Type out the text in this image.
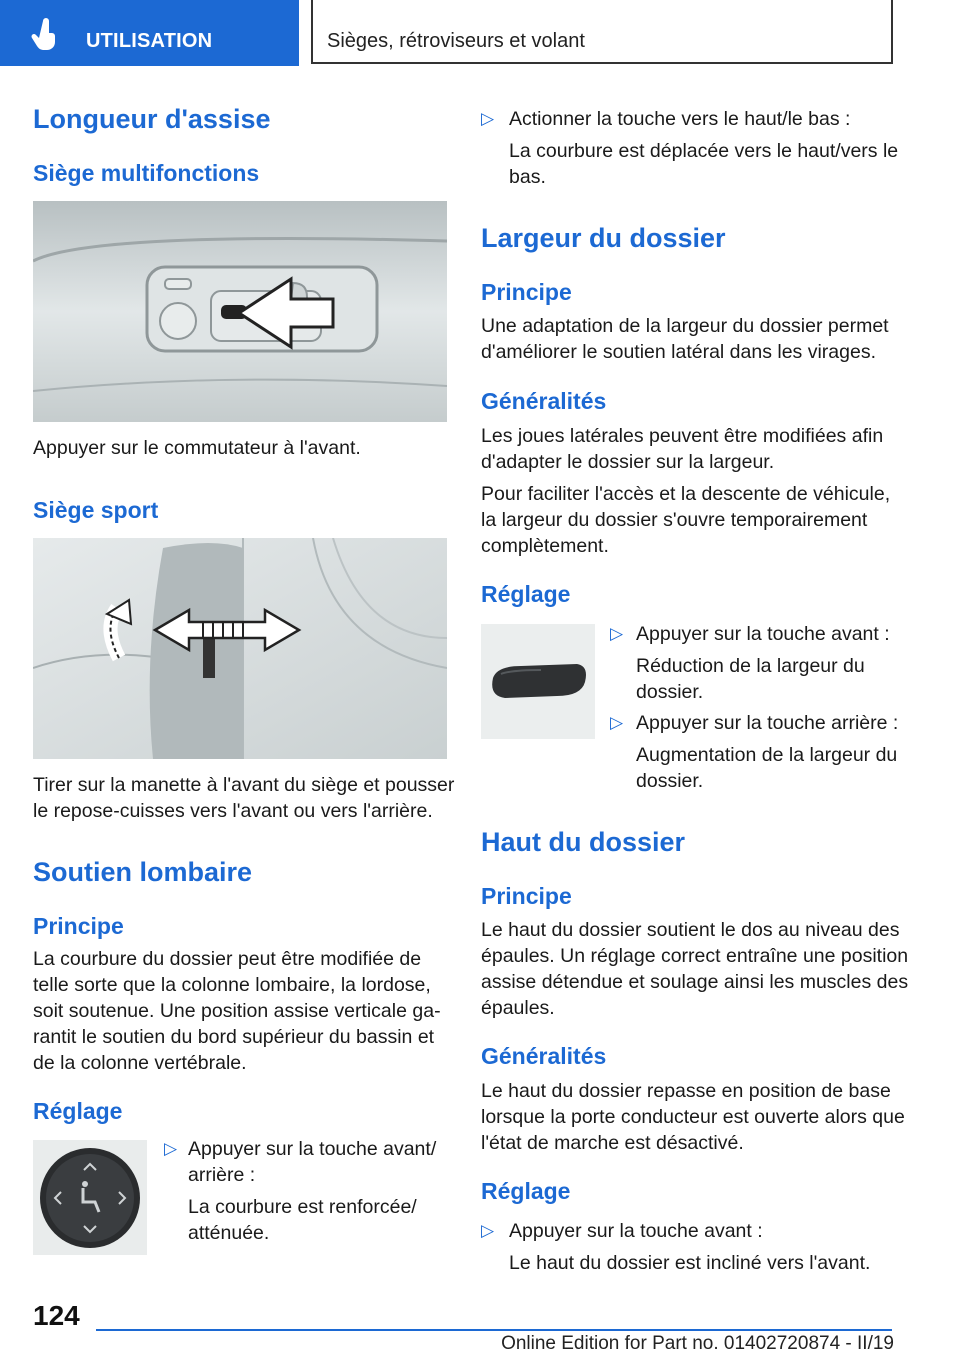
UTILISATION	Sièges, rétroviseurs et volant
Longueur d'assise
Siège multifonctions
Appuyer sur le commutateur à l'avant.
Siège sport
Tirer sur la manette à l'avant du siège et pousser
le repose-cuisses vers l'avant ou vers l'arrière.
Soutien lombaire
Principe
La courbure du dossier peut être modifiée de
telle sorte que la colonne lombaire, la lordose,
soit soutenue. Une position assise verticale ga‐
rantit le soutien du bord supérieur du bassin et
de la colonne vertébrale.
Réglage
▷ Appuyer sur la touche avant/
arrière :
La courbure est renforcée/
atténuée.
▷ Actionner la touche vers le haut/le bas :
La courbure est déplacée vers le haut/vers le
bas.
Largeur du dossier
Principe
Une adaptation de la largeur du dossier permet
d'améliorer le soutien latéral dans les virages.
Généralités
Les joues latérales peuvent être modifiées afin
d'adapter le dossier sur la largeur.
Pour faciliter l'accès et la descente de véhicule,
la largeur du dossier s'ouvre temporairement
complètement.
Réglage
▷ Appuyer sur la touche avant :
Réduction de la largeur du
dossier.
▷ Appuyer sur la touche arrière :
Augmentation de la largeur du
dossier.
Haut du dossier
Principe
Le haut du dossier soutient le dos au niveau des
épaules. Un réglage correct entraîne une position
assise détendue et soulage ainsi les muscles des
épaules.
Généralités
Le haut du dossier repasse en position de base
lorsque la porte conducteur est ouverte alors que
l'état de marche est désactivé.
Réglage
▷ Appuyer sur la touche avant :
Le haut du dossier est incliné vers l'avant.
124
Online Edition for Part no. 01402720874 - II/19
